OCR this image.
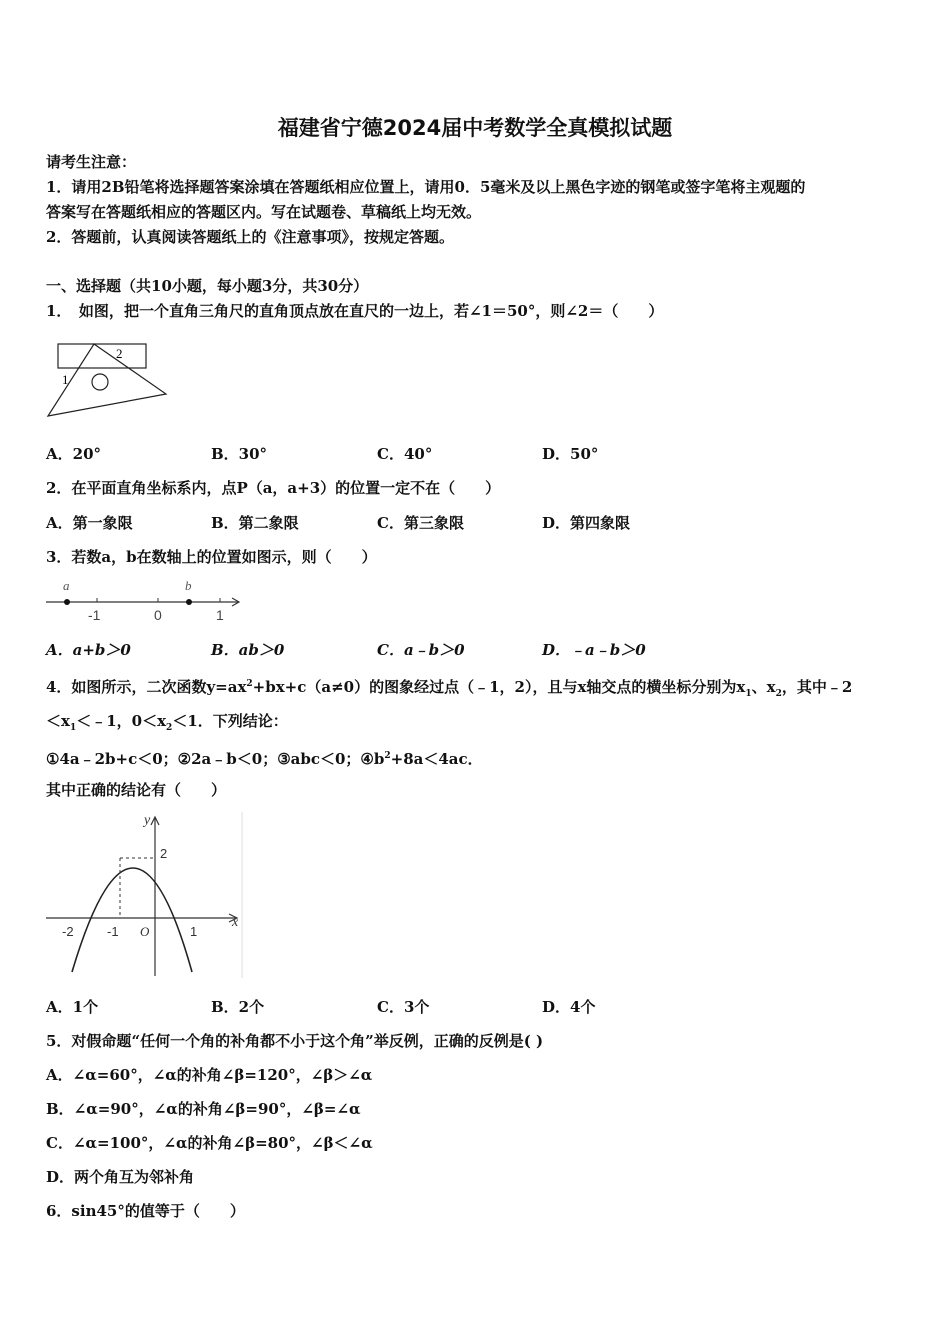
福建省宁德2024届中考数学全真模拟试题
请考生注意：
1．请用2B铅笔将选择题答案涂填在答题纸相应位置上，请用0．5毫米及以上黑色字迹的钢笔或签字笔将主观题的
答案写在答题纸相应的答题区内。写在试题卷、草稿纸上均无效。
2．答题前，认真阅读答题纸上的《注意事项》，按规定答题。
一、选择题（共10小题，每小题3分，共30分）
1．　如图，把一个直角三角尺的直角顶点放在直尺的一边上，若∠1＝50°，则∠2＝（　　）
1
2
A．20°	B．30°	C．40°	D．50°
2．在平面直角坐标系内，点P（a，a+3）的位置一定不在（　　）
A．第一象限	B．第二象限	C．第三象限	D．第四象限
3．若数a，b在数轴上的位置如图示，则（　　）
a	b
-1	0	1
A．a+b＞0	B．ab＞0	C．a﹣b＞0	D．﹣a﹣b＞0
4．如图所示，二次函数$y=ax^2+bx+c(a\ne 0)$的图象经过点（﹣1，2），且与x轴交点的横坐标分别为$x_1$、$x_2$，其中﹣2
$<x_1<﹣1$，$0<x_2<1$．下列结论：
①4a﹣2b+c＜0；②2a﹣b＜0；③abc＜0；$④b^2+8a<4ac$．
其中正确的结论有（　　）
y
2
x
-2	-1 O	1
A．1个	B．2个	C．3个	D．4个
5．对假命题“任何一个角的补角都不小于这个角”举反例，正确的反例是( )
A．∠α=60°，∠α的补角∠β=120°，∠β＞∠α
B．∠α=90°，∠α的补角∠β=90°，∠β=∠α
C．∠α=100°，∠α的补角∠β=80°，∠β＜∠α
D．两个角互为邻补角
6．sin45°的值等于（　　）
